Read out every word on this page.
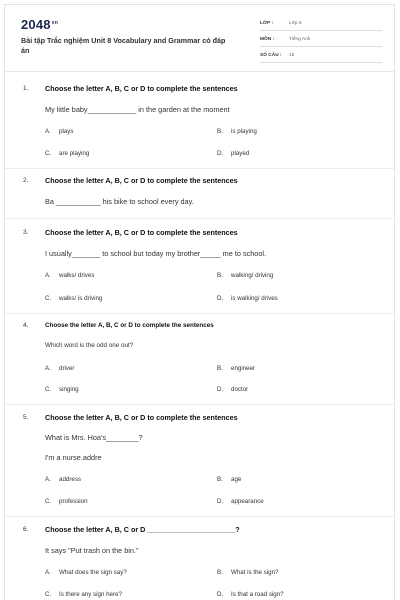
$2048^{vn}$
Bài tập Trắc nghiệm Unit 8 Vocabulary and Grammar có đáp án
LỚP :	Lớp 6
MÔN :	Tiếng Anh
SỐ CÂU : 15
1. Choose the letter A, B, C or D to complete the sentences
My little baby____________ in the garden at the moment
A. plays	B. is playing
C. are playing	D. played
2. Choose the letter A, B, C or D to complete the sentences
Ba ___________ his bike to school every day.
3. Choose the letter A, B, C or D to complete the sentences
I usually_______ to school but today my brother_____ me to school.
A. walks/ drives	B. walking/ driving
C. walks/ is driving	D. is walking/ drives
4.	Choose the letter A, B, C or D to complete the sentences
Which word is the odd one out?
A. driver	B. engineer
C. singing	D. doctor
5. Choose the letter A, B, C or D to complete the sentences
What is Mrs. Hoa's________?
I'm a nurse.addre
A. address	B. age
C. profession	D. appearance
6. Choose the letter A, B, C or D ______________________?
It says "Put trash on the bin."
A. What does the sign say?	B. What is the sign?
C. Is there any sign here?	D. Is that a road sign?
